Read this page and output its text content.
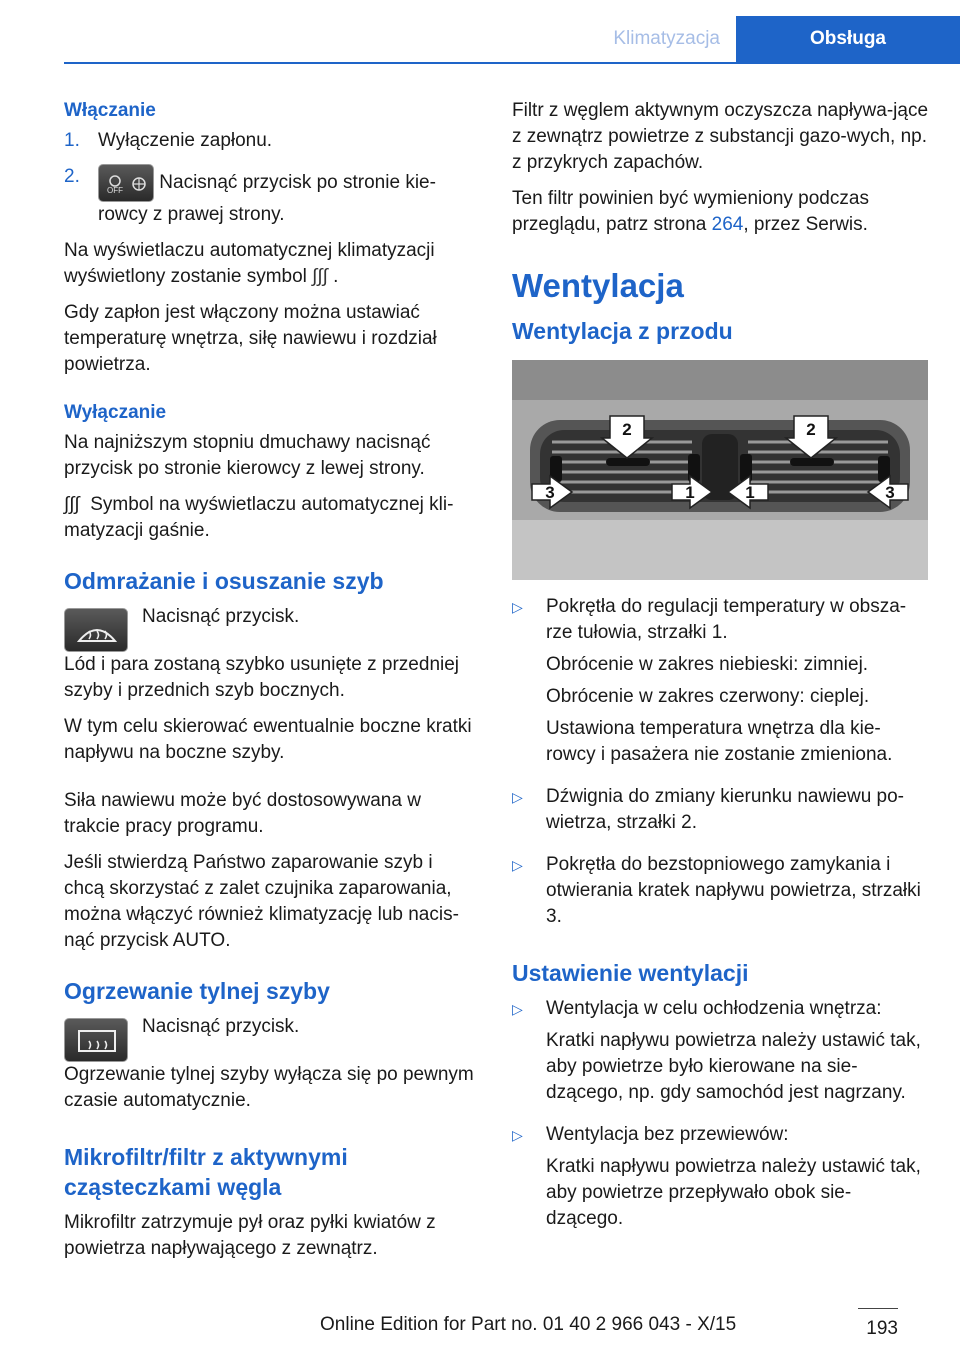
Klimatyzacja	Obsługa
Włączanie
1. Wyłączenie zapłonu.
2.
OFF Nacisnąć przycisk po stronie kie-rowcy z prawej strony.

Na wyświetlaczu automatycznej klimatyzacji wyświetlony zostanie symbol ∫∫∫ .

Gdy zapłon jest włączony można ustawiać temperaturę wnętrza, siłę nawiewu i rozdział powietrza.

Wyłączanie

Na najniższym stopniu dmuchawy nacisnąć przycisk po stronie kierowcy z lewej strony.

∫∫∫ Symbol na wyświetlaczu automatycznej kli-matyzacji gaśnie.

Odmrażanie i osuszanie szyb

Nacisnąć przycisk.

Lód i para zostaną szybko usunięte z przedniej szyby i przednich szyb bocznych.

W tym celu skierować ewentualnie boczne kratki napływu na boczne szyby.

Siła nawiewu może być dostosowywana w trakcie pracy programu.

Jeśli stwierdzą Państwo zaparowanie szyb i chcą skorzystać z zalet czujnika zaparowania, można włączyć również klimatyzację lub nacis-nąć przycisk AUTO.

Ogrzewanie tylnej szyby

Nacisnąć przycisk.

Ogrzewanie tylnej szyby wyłącza się po pewnym czasie automatycznie.

Mikrofiltr/filtr z aktywnymi cząsteczkami węgla

Mikrofiltr zatrzymuje pył oraz pyłki kwiatów z powietrza napływającego z zewnątrz.

Filtr z węglem aktywnym oczyszcza napływa-jące z zewnątrz powietrze z substancji gazo-wych, np. z przykrych zapachów.

Ten filtr powinien być wymieniony podczas przeglądu, patrz strona 264, przez Serwis.

Wentylacja
Wentylacja z przodu
2	2
3	1	1	3
▷	Pokrętła do regulacji temperatury w obsza-rze tułowia, strzałki 1.

Obrócenie w zakres niebieski: zimniej.

Obrócenie w zakres czerwony: cieplej.

Ustawiona temperatura wnętrza dla kie-rowcy i pasażera nie zostanie zmieniona.

▷	Dźwignia do zmiany kierunku nawiewu po-wietrza, strzałki 2.

▷	Pokrętła do bezstopniowego zamykania i otwierania kratek napływu powietrza, strzałki 3.

Ustawienie wentylacji
▷	Wentylacja w celu ochłodzenia wnętrza:

Kratki napływu powietrza należy ustawić tak, aby powietrze było kierowane na sie-dzącego, np. gdy samochód jest nagrzany.

▷	Wentylacja bez przewiewów:

Kratki napływu powietrza należy ustawić tak, aby powietrze przepływało obok sie-dzącego.

193
Online Edition for Part no. 01 40 2 966 043 - X/15
